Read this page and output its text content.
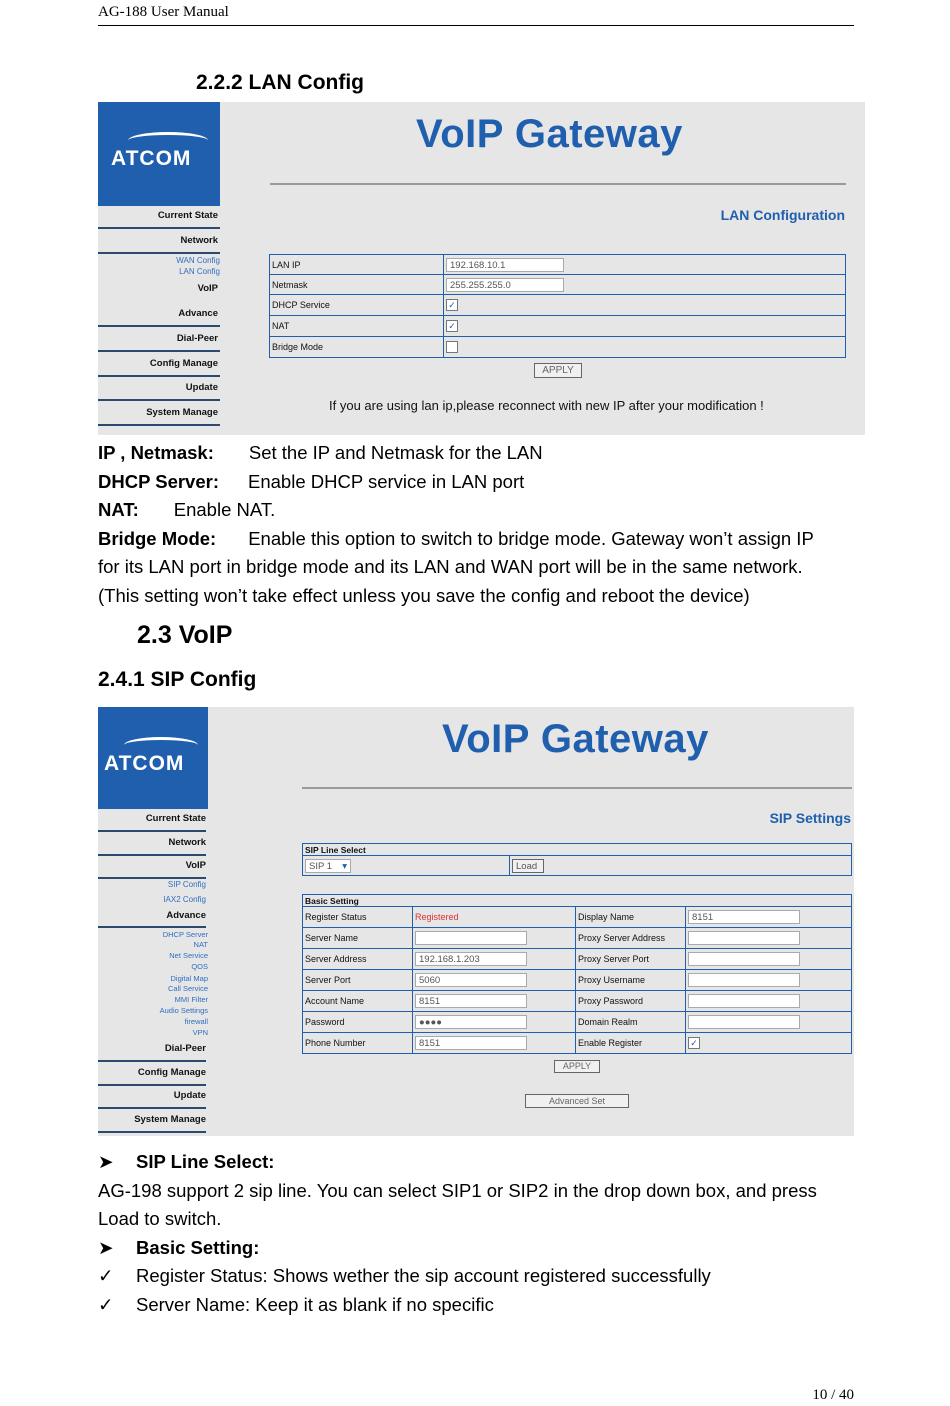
AG-188 User Manual
2.2.2 LAN Config
ATCOM
Current State
Network
VoIP
Advance
Dial-Peer
Config Manage
Update
System Manage
WAN Config
LAN Config
VoIP Gateway
LAN Configuration
LAN IP	192.168.10.1
Netmask	255.255.255.0
DHCP Service	✓
NAT	✓
Bridge Mode	
APPLY
If you are using lan ip,please reconnect with new IP after your modification !
IP , Netmask: Set the IP and Netmask for the LAN
DHCP Server: Enable DHCP service in LAN port
NAT: Enable NAT.
Bridge Mode: Enable this option to switch to bridge mode. Gateway won’t assign IP
for its LAN port in bridge mode and its LAN and WAN port will be in the same network.
(This setting won’t take effect unless you save the config and reboot the device)
2.3 VoIP
2.4.1 SIP Config
ATCOM
Current State
Network
VoIP
SIP Config
IAX2 Config
Advance
DHCP Server
NAT
Net Service
QOS
Digital Map
Call Service
MMI Filter
Audio Settings
firewall
VPN
Dial-Peer
Config Manage
Update
System Manage
VoIP Gateway
SIP Settings
SIP Line Select
SIP 1 ▾	Load
Basic Setting			
Register Status	Registered	Display Name	8151
Server Name		Proxy Server Address	
Server Address	192.168.1.203	Proxy Server Port	
Server Port	5060	Proxy Username	
Account Name	8151	Proxy Password	
Password	●●●●	Domain Realm	
Phone Number	8151	Enable Register	✓
APPLY
Advanced Set
➤ SIP Line Select:
AG-198 support 2 sip line. You can select SIP1 or SIP2 in the drop down box, and press
Load to switch.
➤ Basic Setting:
✓ Register Status: Shows wether the sip account registered successfully
✓ Server Name: Keep it as blank if no specific
10 / 40
